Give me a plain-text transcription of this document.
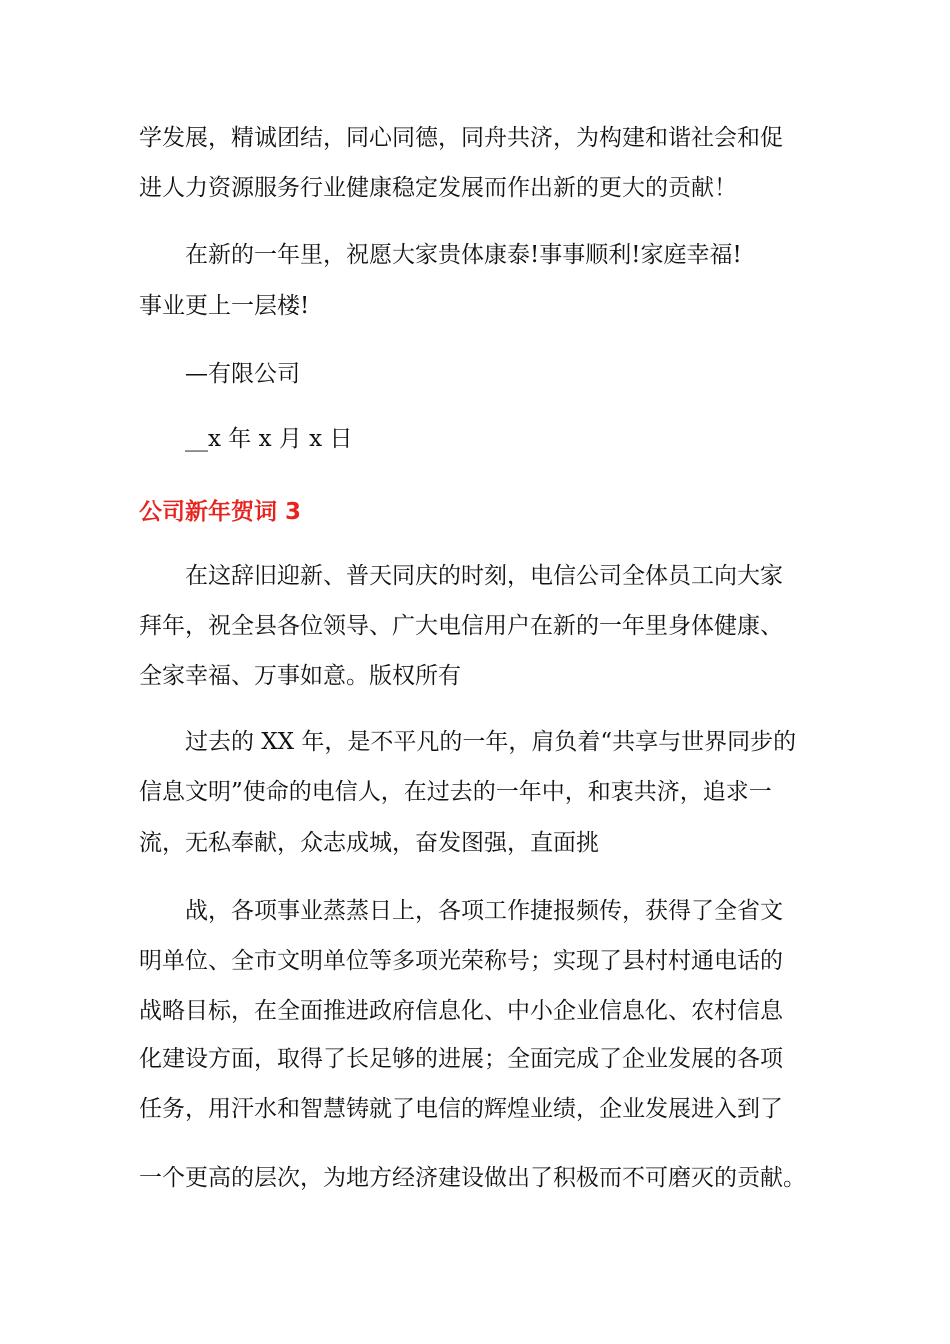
学发展，精诚团结，同心同德，同舟共济，为构建和谐社会和促

进人力资源服务行业健康稳定发展而作出新的更大的贡献！

在新的一年里，祝愿大家贵体康泰!事事顺利!家庭幸福!

事业更上一层楼!

—有限公司

__x 年 x 月 x 日

公司新年贺词 3

在这辞旧迎新、普天同庆的时刻，电信公司全体员工向大家

拜年，祝全县各位领导、广大电信用户在新的一年里身体健康、

全家幸福、万事如意。版权所有

过去的 XX 年，是不平凡的一年，肩负着“共享与世界同步的

信息文明”使命的电信人，在过去的一年中，和衷共济，追求一

流，无私奉献，众志成城，奋发图强，直面挑

战，各项事业蒸蒸日上，各项工作捷报频传，获得了全省文

明单位、全市文明单位等多项光荣称号；实现了县村村通电话的

战略目标，在全面推进政府信息化、中小企业信息化、农村信息

化建设方面，取得了长足够的进展；全面完成了企业发展的各项

任务，用汗水和智慧铸就了电信的辉煌业绩，企业发展进入到了

一个更高的层次，为地方经济建设做出了积极而不可磨灭的贡献。
